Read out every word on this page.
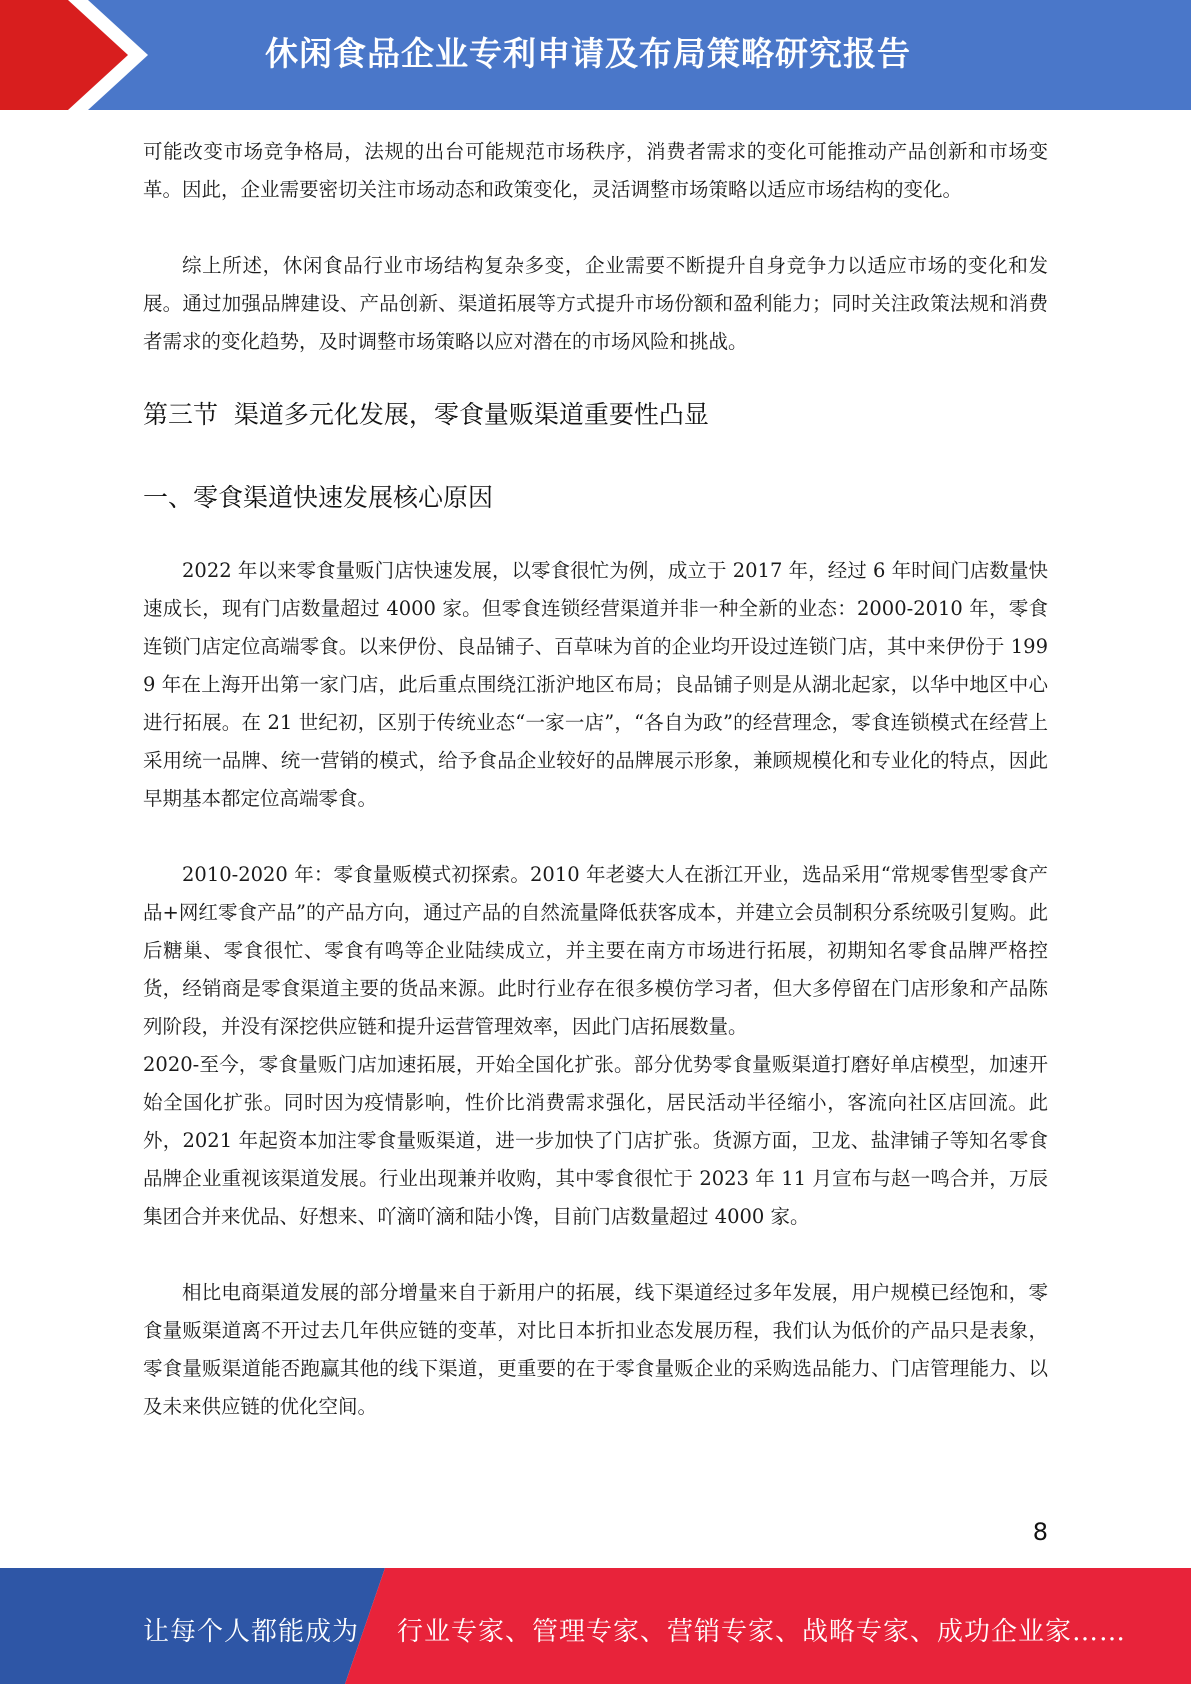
休闲食品企业专利申请及布局策略研究报告

可能改变市场竞争格局，法规的出台可能规范市场秩序，消费者需求的变化可能推动产品创新和市场变革。因此，企业需要密切关注市场动态和政策变化，灵活调整市场策略以适应市场结构的变化。

综上所述，休闲食品行业市场结构复杂多变，企业需要不断提升自身竞争力以适应市场的变化和发展。通过加强品牌建设、产品创新、渠道拓展等方式提升市场份额和盈利能力；同时关注政策法规和消费者需求的变化趋势，及时调整市场策略以应对潜在的市场风险和挑战。

第三节  渠道多元化发展，零食量贩渠道重要性凸显
一、零食渠道快速发展核心原因

2022 年以来零食量贩门店快速发展，以零食很忙为例，成立于 2017 年，经过 6 年时间门店数量快速成长，现有门店数量超过 4000 家。但零食连锁经营渠道并非一种全新的业态：2000-2010 年，零食连锁门店定位高端零食。以来伊份、良品铺子、百草味为首的企业均开设过连锁门店，其中来伊份于 1999 年在上海开出第一家门店，此后重点围绕江浙沪地区布局；良品铺子则是从湖北起家，以华中地区中心进行拓展。在 21 世纪初，区别于传统业态“一家一店”，“各自为政”的经营理念，零食连锁模式在经营上采用统一品牌、统一营销的模式，给予食品企业较好的品牌展示形象，兼顾规模化和专业化的特点，因此早期基本都定位高端零食。

2010-2020 年：零食量贩模式初探索。2010 年老婆大人在浙江开业，选品采用“常规零售型零食产品+网红零食产品”的产品方向，通过产品的自然流量降低获客成本，并建立会员制积分系统吸引复购。此后糖巢、零食很忙、零食有鸣等企业陆续成立，并主要在南方市场进行拓展，初期知名零食品牌严格控货，经销商是零食渠道主要的货品来源。此时行业存在很多模仿学习者，但大多停留在门店形象和产品陈列阶段，并没有深挖供应链和提升运营管理效率，因此门店拓展数量。

2020-至今，零食量贩门店加速拓展，开始全国化扩张。部分优势零食量贩渠道打磨好单店模型，加速开始全国化扩张。同时因为疫情影响，性价比消费需求强化，居民活动半径缩小，客流向社区店回流。此外，2021 年起资本加注零食量贩渠道，进一步加快了门店扩张。货源方面，卫龙、盐津铺子等知名零食品牌企业重视该渠道发展。行业出现兼并收购，其中零食很忙于 2023 年 11 月宣布与赵一鸣合并，万辰集团合并来优品、好想来、吖滴吖滴和陆小馋，目前门店数量超过 4000 家。

相比电商渠道发展的部分增量来自于新用户的拓展，线下渠道经过多年发展，用户规模已经饱和，零食量贩渠道离不开过去几年供应链的变革，对比日本折扣业态发展历程，我们认为低价的产品只是表象，零食量贩渠道能否跑赢其他的线下渠道，更重要的在于零食量贩企业的采购选品能力、门店管理能力、以及未来供应链的优化空间。

8
让每个人都能成为 行业专家、管理专家、营销专家、战略专家、成功企业家……
